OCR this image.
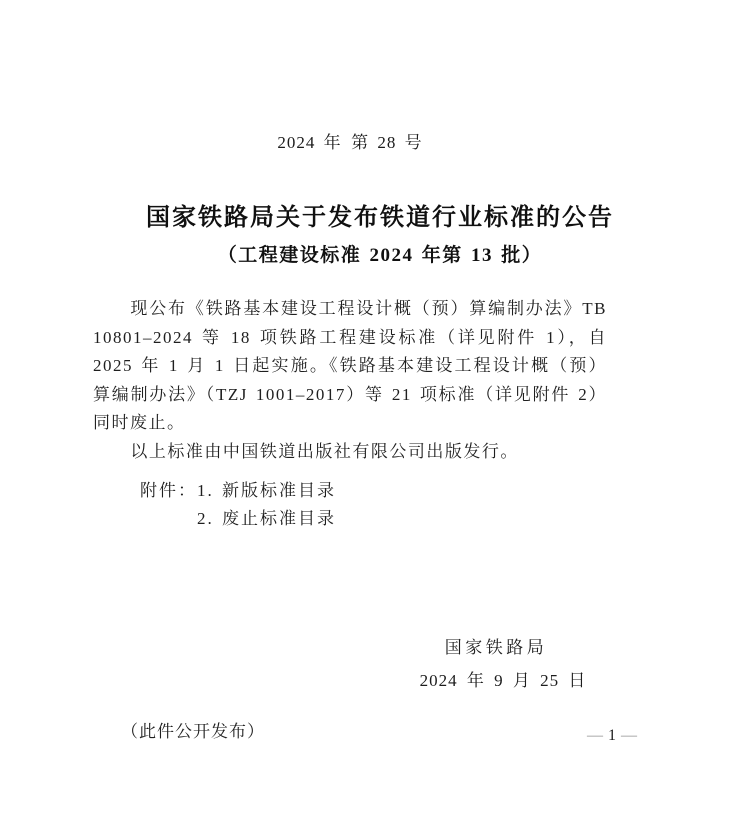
2024 年 第 28 号
国家铁路局关于发布铁道行业标准的公告
（工程建设标准 2024 年第 13 批）

现公布《铁路基本建设工程设计概（预）算编制办法》TB 10801–2024 等 18 项铁路工程建设标准（详见附件 1），自 2025 年 1 月 1 日起实施。《铁路基本建设工程设计概（预）算编制办法》（TZJ 1001–2017）等 21 项标准（详见附件 2）同时废止。

以上标准由中国铁道出版社有限公司出版发行。

附件： 1. 新版标准目录
2. 废止标准目录
国家铁路局
2024 年 9 月 25 日
（此件公开发布）	— 1 —
